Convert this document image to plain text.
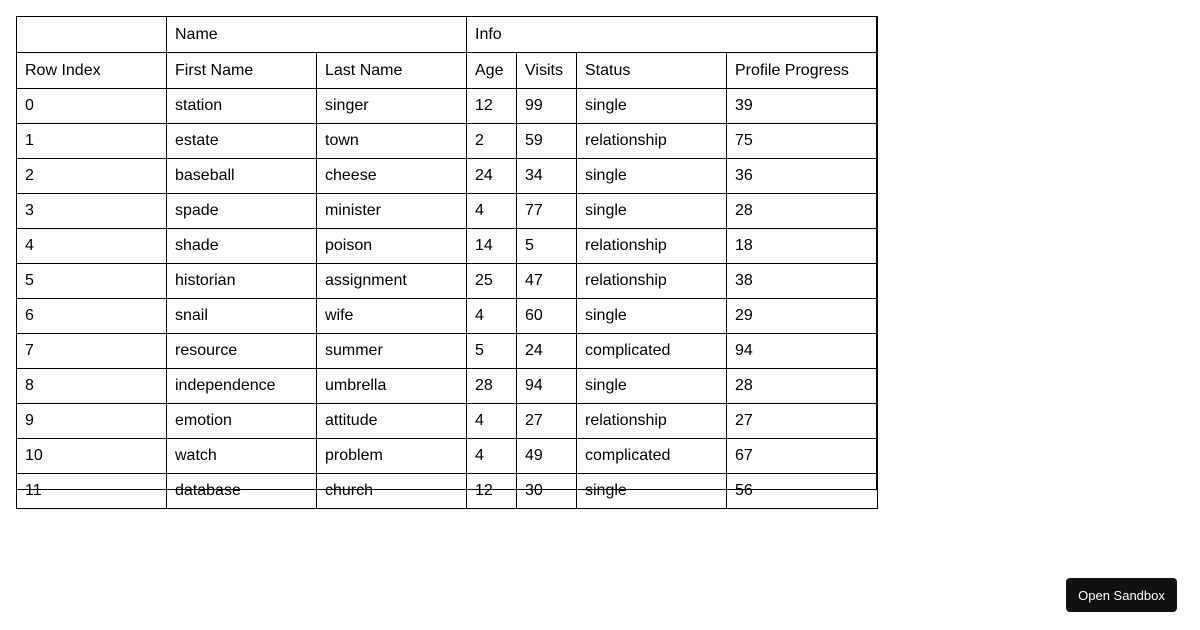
	Name		Info			
Row Index	First Name	Last Name	Age	Visits	Status	Profile Progress
0	station	singer	12	99	single	39
1	estate	town	2	59	relationship	75
2	baseball	cheese	24	34	single	36
3	spade	minister	4	77	single	28
4	shade	poison	14	5	relationship	18
5	historian	assignment	25	47	relationship	38
6	snail	wife	4	60	single	29
7	resource	summer	5	24	complicated	94
8	independence	umbrella	28	94	single	28
9	emotion	attitude	4	27	relationship	27
10	watch	problem	4	49	complicated	67
11	database	church	12	30	single	56
Open Sandbox
